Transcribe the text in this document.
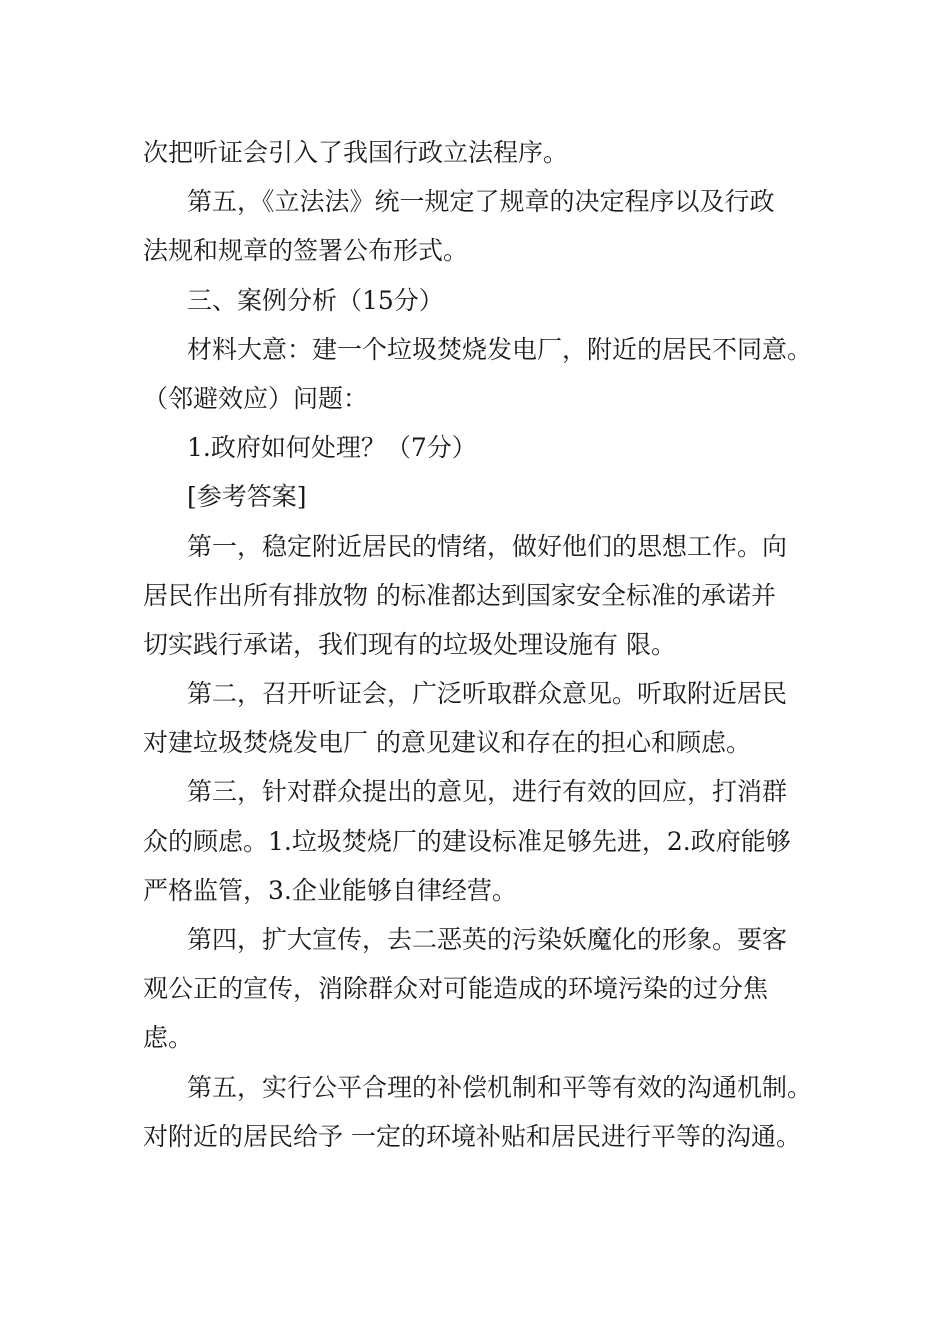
次把听证会引入了我国行政立法程序。
第五，《立法法》统一规定了规章的决定程序以及行政
法规和规章的签署公布形式。
三、案例分析（15分）
材料大意：建一个垃圾焚烧发电厂，附近的居民不同意。
（邻避效应）问题：
1.政府如何处理？（7分）
[参考答案]
第一，稳定附近居民的情绪，做好他们的思想工作。向
居民作出所有排放物 的标准都达到国家安全标准的承诺并
切实践行承诺，我们现有的垃圾处理设施有 限。
第二，召开听证会，广泛听取群众意见。听取附近居民
对建垃圾焚烧发电厂 的意见建议和存在的担心和顾虑。
第三，针对群众提出的意见，进行有效的回应，打消群
众的顾虑。1.垃圾焚烧厂的建设标准足够先进，2.政府能够
严格监管，3.企业能够自律经营。
第四，扩大宣传，去二恶英的污染妖魔化的形象。要客
观公正的宣传，消除群众对可能造成的环境污染的过分焦
虑。
第五，实行公平合理的补偿机制和平等有效的沟通机制。
对附近的居民给予 一定的环境补贴和居民进行平等的沟通。
